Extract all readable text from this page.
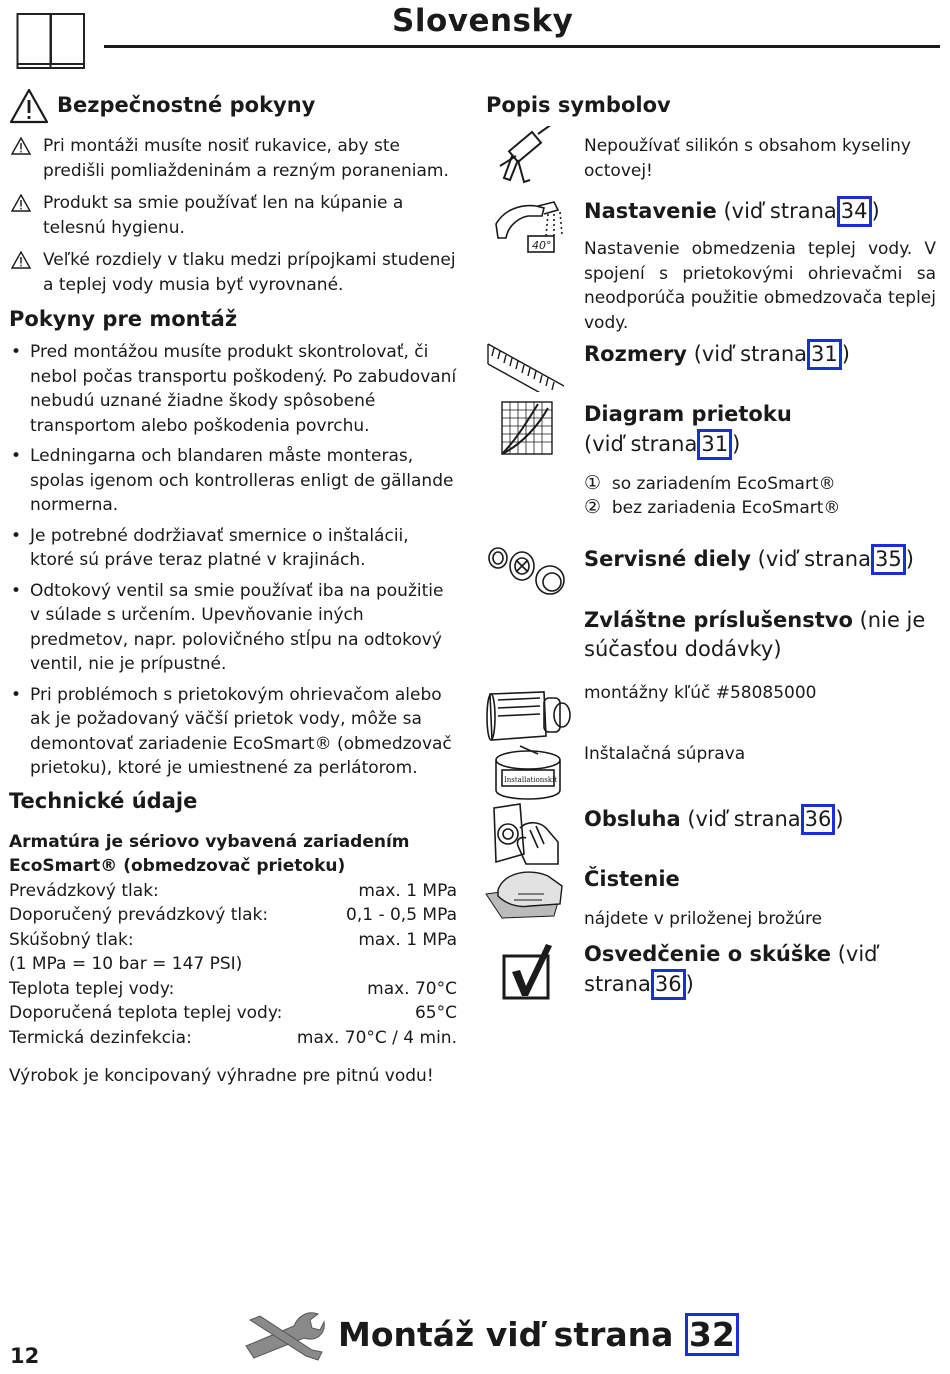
Slovensky
Bezpečnostné pokyny
Pri montáži musíte nosiť rukavice, aby ste predišli pomliaždeninám a rezným poraneniam.
Produkt sa smie používať len na kúpanie a telesnú hygienu.
Veľké rozdiely v tlaku medzi prípojkami studenej a teplej vody musia byť vyrovnané.
Pokyny pre montáž
• Pred montážou musíte produkt skontrolovať, či nebol počas transportu poškodený. Po zabudovaní nebudú uznané žiadne škody spôsobené transportom alebo poškodenia povrchu.
• Ledningarna och blandaren måste monteras, spolas igenom och kontrolleras enligt de gällande normerna.
• Je potrebné dodržiavať smernice o inštalácii, ktoré sú práve teraz platné v krajinách.
• Odtokový ventil sa smie používať iba na použitie v súlade s určením. Upevňovanie iných predmetov, napr. polovičného stĺpu na odtokový ventil, nie je prípustné.
• Pri problémoch s prietokovým ohrievačom alebo ak je požadovaný väčší prietok vody, môže sa demontovať zariadenie EcoSmart® (obmedzovač prietoku), ktoré je umiestnené za perlátorom.
Technické údaje
Armatúra je sériovo vybavená zariadením
EcoSmart® (obmedzovač prietoku)
Prevádzkový tlak:	max. 1 MPa
Doporučený prevádzkový tlak:	0,1 - 0,5 MPa
Skúšobný tlak:	max. 1 MPa
(1 MPa = 10 bar = 147 PSI)
Teplota teplej vody:	max. 70°C
Doporučená teplota teplej vody:	65°C
Termická dezinfekcia:	max. 70°C / 4 min.
Výrobok je koncipovaný výhradne pre pitnú vodu!
Popis symbolov
40°
Installationskit
Nepoužívať silikón s obsahom kyseliny octovej!
Nastavenie (viď strana 34 )
Nastavenie obmedzenia teplej vody. V spojení s prietokovými ohrievačmi sa neodporúča použitie obmedzovača teplej vody.
Rozmery (viď strana 31 )
Diagram prietoku
(viď strana 31 )
① so zariadením EcoSmart®
② bez zariadenia EcoSmart®
Servisné diely (viď strana 35 )
Zvláštne príslušenstvo (nie je súčasťou dodávky)
montážny kľúč #58085000
Inštalačná súprava
Obsluha (viď strana 36 )
Čistenie
nájdete v priloženej brožúre
Osvedčenie o skúške (viď strana 36 )
12
Montáž viď strana 32
